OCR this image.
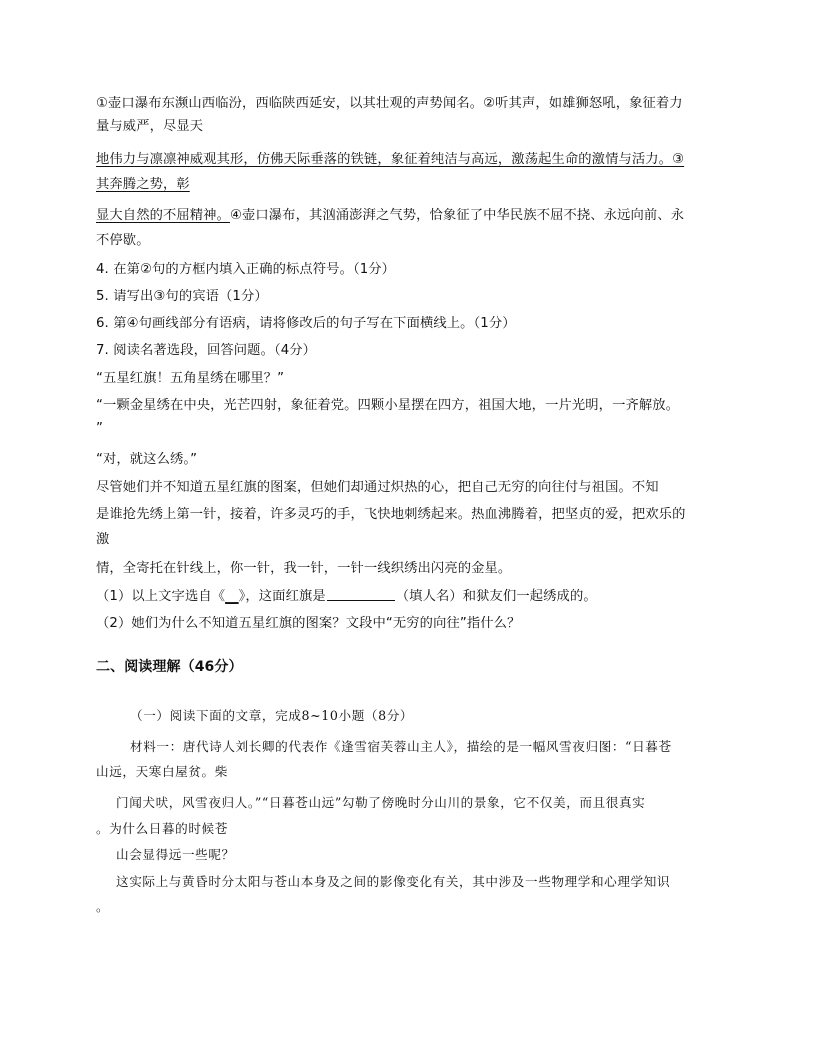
①壶口瀑布东濒山西临汾，西临陕西延安，以其壮观的声势闻名。②听其声，如雄狮怒吼，象征着力
量与威严，尽显天
地伟力与凛凛神威观其形，仿佛天际垂落的铁链，象征着纯洁与高远，激荡起生命的激情与活力。③
其奔腾之势，彰
显大自然的不屈精神。④壶口瀑布，其汹涌澎湃之气势，恰象征了中华民族不屈不挠、永远向前、永
不停歇。
4. 在第②句的方框内填入正确的标点符号。（1分）
5. 请写出③句的宾语（1分）
6. 第④句画线部分有语病，请将修改后的句子写在下面横线上。（1分）
7. 阅读名著选段，回答问题。（4分）
“五星红旗！五角星绣在哪里？”
“一颗金星绣在中央，光芒四射，象征着党。四颗小星摆在四方，祖国大地，一片光明，一齐解放。
”
“对，就这么绣。”
尽管她们并不知道五星红旗的图案，但她们却通过炽热的心，把自己无穷的向往付与祖国。不知
是谁抢先绣上第一针，接着，许多灵巧的手，飞快地刺绣起来。热血沸腾着，把坚贞的爱，把欢乐的
激
情，全寄托在针线上，你一针，我一针，一针一线织绣出闪亮的金星。
（1）以上文字选自《__》，这面红旗是	（填人名）和狱友们一起绣成的。
（2）她们为什么不知道五星红旗的图案？文段中“无穷的向往”指什么？
二、阅读理解（46分）
（一）阅读下面的文章，完成8~10小题（8分）
材料一：唐代诗人刘长卿的代表作《逢雪宿芙蓉山主人》，描绘的是一幅风雪夜归图：“日暮苍
山远，天寒白屋贫。柴
门闻犬吠，风雪夜归人。”“日暮苍山远”勾勒了傍晚时分山川的景象，它不仅美，而且很真实
。为什么日暮的时候苍
山会显得远一些呢？
这实际上与黄昏时分太阳与苍山本身及之间的影像变化有关，其中涉及一些物理学和心理学知识
。
